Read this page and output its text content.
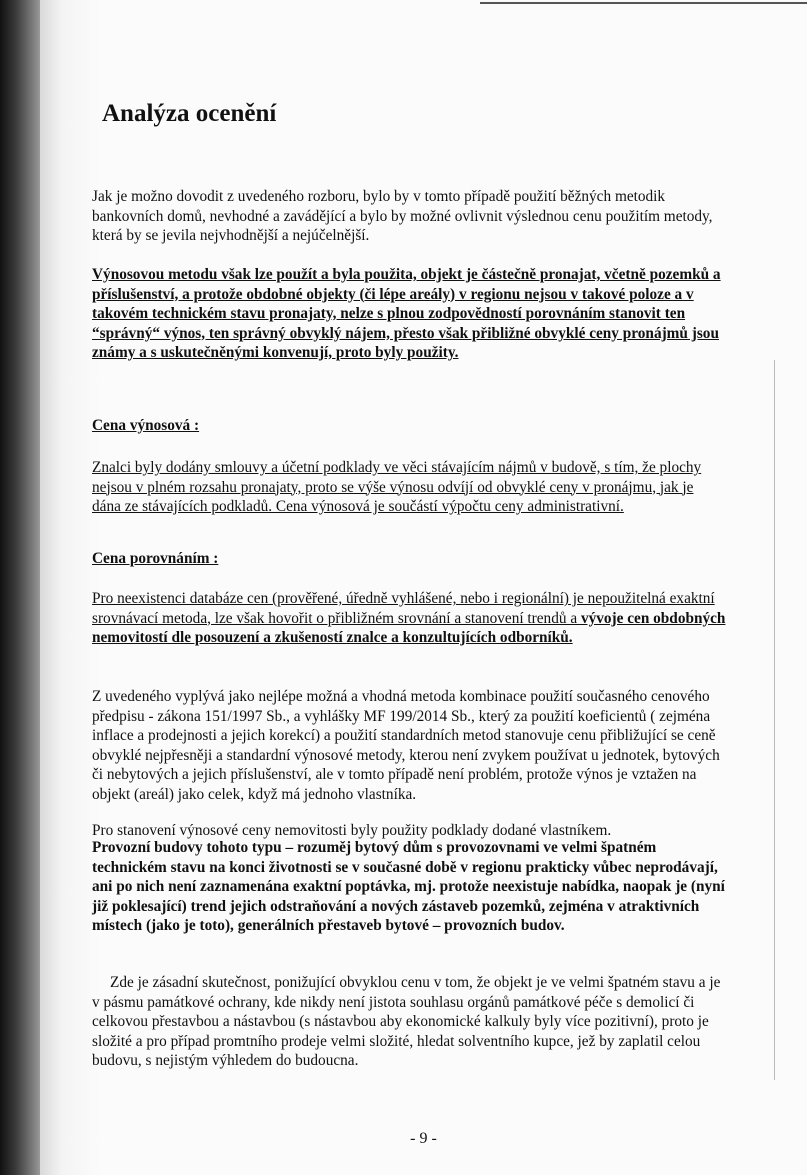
Analýza ocenění

Jak je možno dovodit z uvedeného rozboru, bylo by v tomto případě použití běžných metodik bankovních domů, nevhodné a zavádějící a bylo by možné ovlivnit výslednou cenu použitím metody, která by se jevila nejvhodnější a nejúčelnější.

Výnosovou metodu však lze použít a byla použita, objekt je částečně pronajat, včetně pozemků a příslušenství, a protože obdobné objekty (či lépe areály) v regionu nejsou v takové poloze a v takovém technickém stavu pronajaty, nelze s plnou zodpovědností porovnáním stanovit ten “správný“ výnos, ten správný obvyklý nájem, přesto však přibližné obvyklé ceny pronájmů jsou známy a s uskutečněnými konvenují, proto byly použity.

Cena výnosová :

Znalci byly dodány smlouvy a účetní podklady ve věci stávajícím nájmů v budově, s tím, že plochy nejsou v plném rozsahu pronajaty, proto se výše výnosu odvíjí od obvyklé ceny v pronájmu, jak je dána ze stávajících podkladů. Cena výnosová je součástí výpočtu ceny administrativní.

Cena porovnáním :

Pro neexistenci databáze cen (prověřené, úředně vyhlášené, nebo i regionální) je nepoužitelná exaktní srovnávací metoda, lze však hovořit o přibližném srovnání a stanovení trendů a vývoje cen obdobných nemovitostí dle posouzení a zkušeností znalce a konzultujících odborníků.

Z uvedeného vyplývá jako nejlépe možná a vhodná metoda kombinace použití současného cenového předpisu - zákona 151/1997 Sb., a vyhlášky MF 199/2014 Sb., který za použití koeficientů ( zejména inflace a prodejnosti a jejich korekcí) a použití standardních metod stanovuje cenu přibližující se ceně obvyklé nejpřesněji a standardní výnosové metody, kterou není zvykem používat u jednotek, bytových či nebytových a jejich příslušenství, ale v tomto případě není problém, protože výnos je vztažen na objekt (areál) jako celek, když má jednoho vlastníka.

Pro stanovení výnosové ceny nemovitosti byly použity podklady dodané vlastníkem.

Provozní budovy tohoto typu – rozuměj bytový dům s provozovnami ve velmi špatném technickém stavu na konci životnosti se v současné době v regionu prakticky vůbec neprodávají, ani po nich není zaznamenána exaktní poptávka, mj. protože neexistuje nabídka, naopak je (nyní již poklesající) trend jejich odstraňování a nových zástaveb pozemků, zejména v atraktivních místech (jako je toto), generálních přestaveb bytové – provozních budov.

Zde je zásadní skutečnost, ponižující obvyklou cenu v tom, že objekt je ve velmi špatném stavu a je v pásmu památkové ochrany, kde nikdy není jistota souhlasu orgánů památkové péče s demolicí či celkovou přestavbou a nástavbou (s nástavbou aby ekonomické kalkuly byly více pozitivní), proto je složité a pro případ promtního prodeje velmi složité, hledat solventního kupce, jež by zaplatil celou budovu, s nejistým výhledem do budoucna.

- 9 -
